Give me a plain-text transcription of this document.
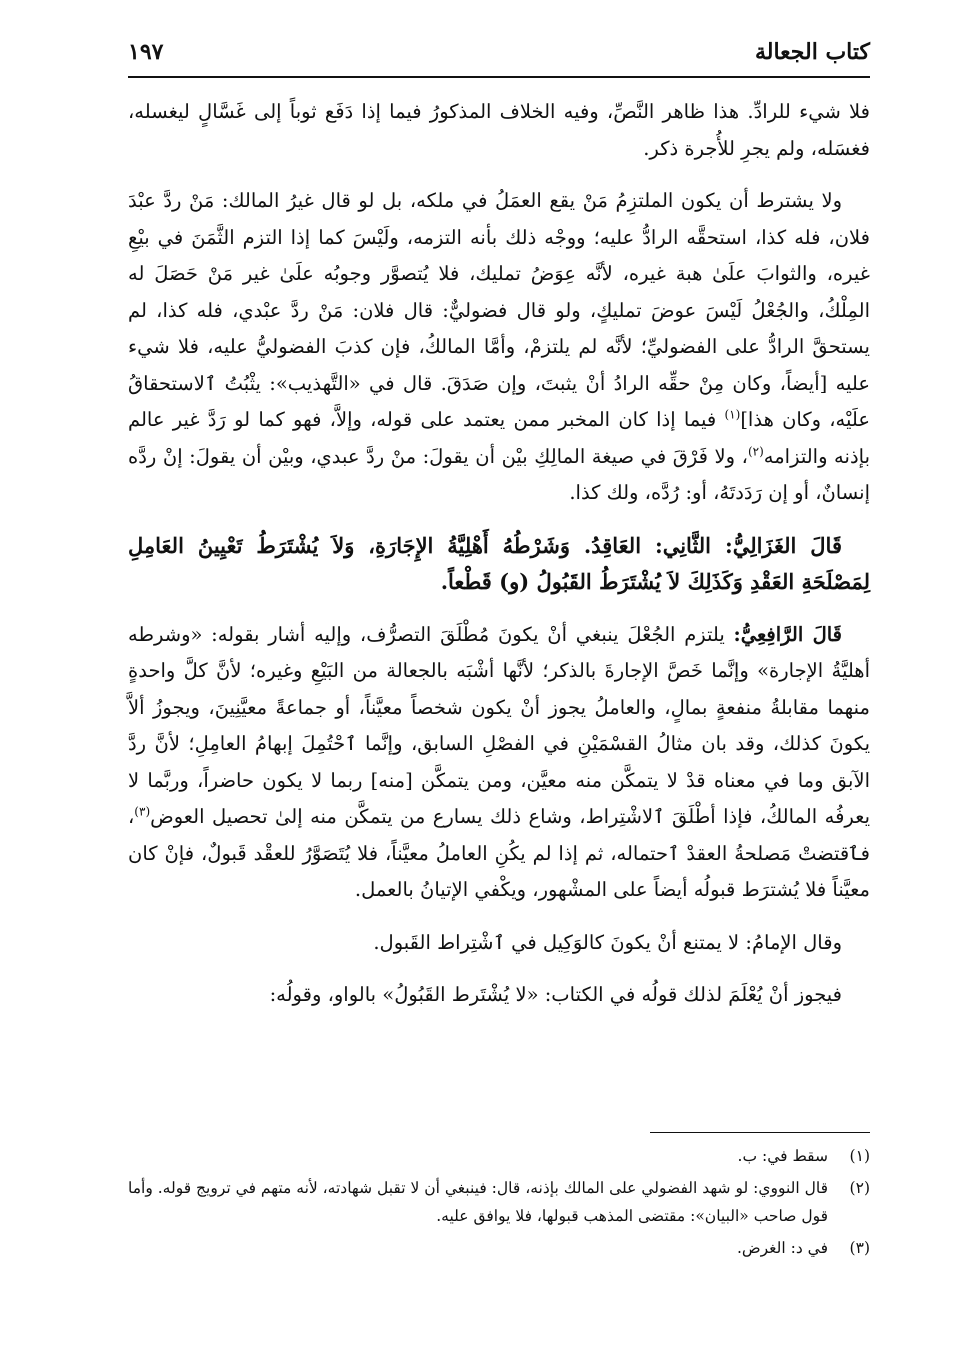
كتاب الجعالة
١٩٧

فلا شيء للرادِّ. هذا ظاهر النَّصِّ، وفيه الخلاف المذكورُ فيما إذا دَفَع ثوباً إلى غَسَّالٍ ليغسله، فغسَله، ولم يجرِ للأُجرة ذكر.

ولا يشترط أن يكون الملتزِمُ مَنْ يقع العمَلُ في ملكه، بل لو قال غيرُ المالك: مَنْ ردَّ عبْدَ فلان، فله كذا، استحقَّه الرادُّ عليه؛ ووجْه ذلك بأنه التزمه، ولَيْسَ كما إذا التزم الثَّمَنَ في بيْعِ غيره، والثوابَ علَىٰ هبة غيره، لأنَّه عِوَضُ تمليك، فلا يُتصوَّر وجوبُه علَىٰ غير مَنْ حَصَلَ له المِلْكُ، والجُعْلُ لَيْسَ عوضَ تمليكٍ، ولو قال فضوليٌّ: قال فلان: مَنْ ردَّ عبْدي، فله كذا، لم يستحقَّ الرادُّ على الفضوليِّ؛ لأنَّه لم يلتزمْ، وأمَّا المالكُ، فإن كذبَ الفضوليُّ عليه، فلا شيء عليه [أيضاً، وكان مِنْ حقِّه الرادُ أنْ يثبتَ، وإن صَدَقَ. قال في «التَّهذيب»: يثْبُتُ ٱلاستحقاقُ علَيْه، وكان هذا]$^{(١)}$ فيما إذا كان المخبر ممن يعتمد على قوله، وإلاَّ، فهو كما لو رَدَّ غير عالم بإذنه والتزامه$^{(٢)}$، ولا فَرْقَ في صيغة المالِكِ بيْن أن يقولَ: منْ ردَّ عبدي، وبيْن أن يقولَ: إنْ ردَّه إنسانٌ، أو إن رَدَدتَهُ، أو: رُدَّه، ولك كذا.

قَالَ الغَزَالِيُّ: الثَّانِي: العَاقِدُ. وَشَرْطُهُ أَهْلِيَّةُ الإِجَارَةِ، وَلاَ يُشْتَرَطُ تَعْيِينُ العَامِلِ لِمَصْلَحَةِ العَقْدِ وَكَذَلِكَ لاَ يُشْتَرَطُ القَبُولُ (و) قَطْعاً.

قَالَ الرَّافِعِيُّ: يلتزم الجُعْلَ ينبغي أنْ يكونَ مُطْلَقَ التصرُّف، وإليه أشار بقوله: «وشرطه أهليَّةُ الإجارة» وإنَّما خَصَّ الإجارةَ بالذكر؛ لأنَّها أشْبَه بالجعالة من البَيْعِ وغيره؛ لأنَّ كلَّ واحدةٍ منهما مقابلةُ منفعةٍ بمالٍ، والعاملُ يجوز أنْ يكون شخصاً معيَّناً، أو جماعةً معيَّنِينَ، ويجوزُ ألاَّ يكونَ كذلك، وقد بان مثالُ القسْمَيْنِ في الفصْلِ السابق، وإنَّما ٱحْتُمِلَ إبهامُ العامِلِ؛ لأنَّ ردَّ الآبق وما في معناه قدْ لا يتمكَّن منه معيَّن، ومن يتمكَّن [منه] ربما لا يكون حاضراً، وربَّما لا يعرفُه المالكُ، فإذا أطْلَقَ ٱلاشْتِراط، وشاع ذلك يسارع من يتمكَّن منه إلىٰ تحصيل العوض$^{(٣)}$، فٱقتضتْ مَصلحةُ العقدْ ٱحتماله، ثم إذا لم يكُنِ العاملُ معيَّناً، فلا يُتَصَوَّرُ للعقْد قَبولٌ، فإنْ كان معيَّناً فلا يُشترَط قبولُه أيضاً على المشْهور، ويكْفي الإتيانُ بالعمل.

وقال الإمامُ: لا يمتنع أنْ يكونَ كالوَكِيل في ٱشْتِراط القَبول.

فيجوز أنْ يُعْلَمَ لذلك قولُه في الكتاب: «لا يُشْتَرط القَبُولُ» بالواو، وقولُه:

(١)
سقط في: ب.
(٢)
قال النووي: لو شهد الفضولي على المالك بإذنه، قال: فينبغي أن لا تقبل شهادته، لأنه متهم في ترويج قوله. وأما قول صاحب «البيان»: مقتضى المذهب قبولها، فلا يوافق عليه.
(٣)
في د: الغرض.
